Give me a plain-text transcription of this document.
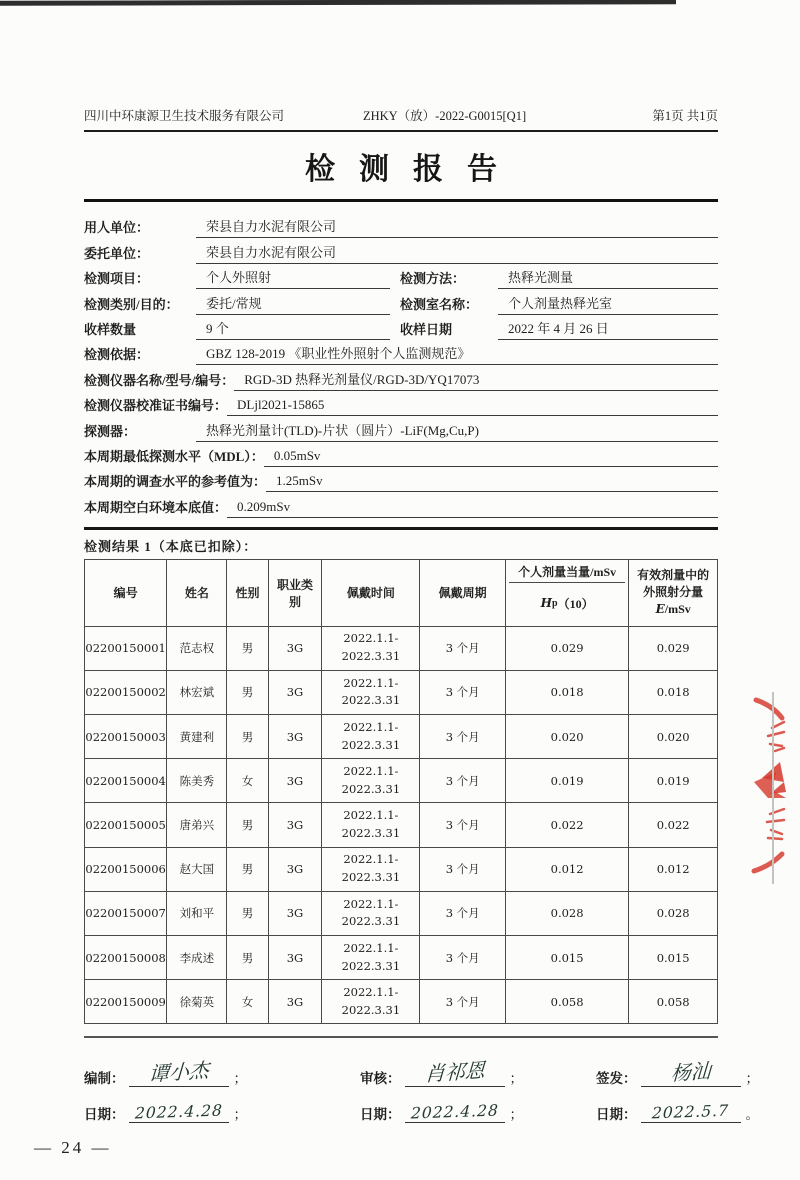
四川中环康源卫生技术服务有限公司	ZHKY（放）-2022-G0015[Q1]	第1页 共1页
检测报告
用人单位：	荣县自力水泥有限公司
委托单位：	荣县自力水泥有限公司
检测项目：	个人外照射	检测方法：	热释光测量
检测类别/目的：	委托/常规	检测室名称：	个人剂量热释光室
收样数量	9 个	收样日期	2022 年 4 月 26 日
检测依据：	GBZ 128-2019 《职业性外照射个人监测规范》
检测仪器名称/型号/编号： RGD-3D 热释光剂量仪/RGD-3D/YQ17073
检测仪器校准证书编号： DLjl2021-15865
探测器：	热释光剂量计(TLD)-片状（圆片）-LiF(Mg,Cu,P)
本周期最低探测水平（MDL）： 0.05mSv
本周期的调查水平的参考值为： 1.25mSv
本周期空白环境本底值： 0.209mSv
检测结果 1（本底已扣除）：
编号	姓名	性别	职业类别	佩戴时间	佩戴周期	个人剂量当量/mSv
H p （10）	有效剂量中的外照射分量 E/mSv
02200150001	范志权	男	3G	2022.1.1-
2022.3.31	3 个月	0.029	0.029
02200150002	林宏斌	男	3G	2022.1.1-
2022.3.31	3 个月	0.018	0.018
02200150003	黄建利	男	3G	2022.1.1-
2022.3.31	3 个月	0.020	0.020
02200150004	陈美秀	女	3G	2022.1.1-
2022.3.31	3 个月	0.019	0.019
02200150005	唐弟兴	男	3G	2022.1.1-
2022.3.31	3 个月	0.022	0.022
02200150006	赵大国	男	3G	2022.1.1-
2022.3.31	3 个月	0.012	0.012
02200150007	刘和平	男	3G	2022.1.1-
2022.3.31	3 个月	0.028	0.028
02200150008	李成述	男	3G	2022.1.1-
2022.3.31	3 个月	0.015	0.015
02200150009	徐菊英	女	3G	2022.1.1-
2022.3.31	3 个月	0.058	0.058
编制：	谭小杰	；	审核：	肖祁恩	；	签发：	杨汕	；
日期： 2022.4.28 ；	日期： 2022.4.28 ；	日期： 2022.5.7	。
— 24 —
